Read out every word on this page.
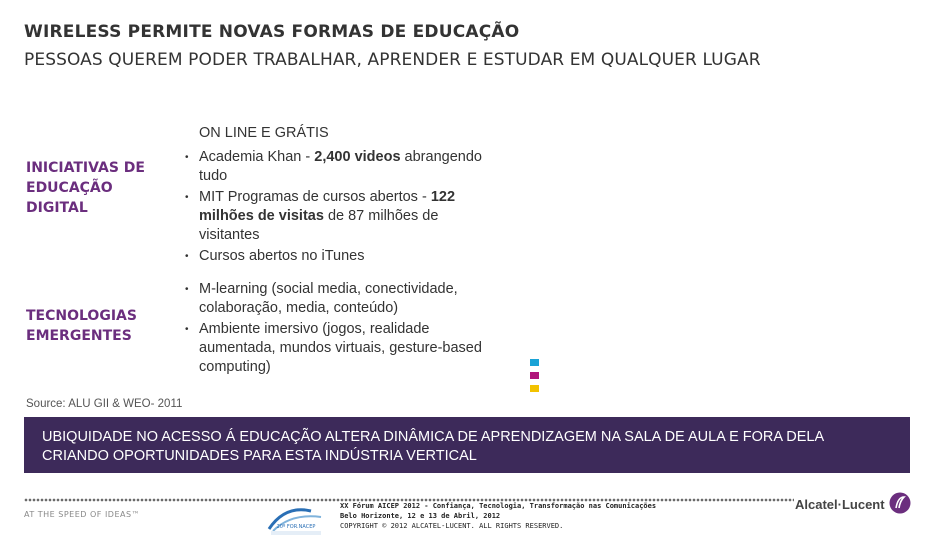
WIRELESS PERMITE NOVAS FORMAS DE EDUCAÇÃO
PESSOAS QUEREM PODER TRABALHAR, APRENDER E ESTUDAR EM QUALQUER LUGAR
INICIATIVAS DE EDUCAÇÃO DIGITAL
TECNOLOGIAS EMERGENTES
ON LINE E GRÁTIS
• Academia Khan - 2,400 videos abrangendo tudo
• MIT Programas de cursos abertos - 122 milhões de visitas de 87 milhões de visitantes
• Cursos abertos no iTunes
• M-learning (social media, conectividade, colaboração, media, conteúdo)
• Ambiente imersivo (jogos, realidade aumentada, mundos virtuais, gesture-based computing)
Source: ALU GII & WEO- 2011
UBIQUIDADE NO ACESSO Á EDUCAÇÃO ALTERA DINÂMICA DE APRENDIZAGEM NA SALA DE AULA E FORA DELA CRIANDO OPORTUNIDADES PARA ESTA INDÚSTRIA VERTICAL
AT THE SPEED OF IDEAS™
20º FOR.NACEP
XX Fórum AICEP 2012 - Confiança, Tecnologia, Transformação nas Comunicações
Belo Horizonte, 12 e 13 de Abril, 2012
COPYRIGHT © 2012 ALCATEL-LUCENT. ALL RIGHTS RESERVED.
Alcatel·Lucent
